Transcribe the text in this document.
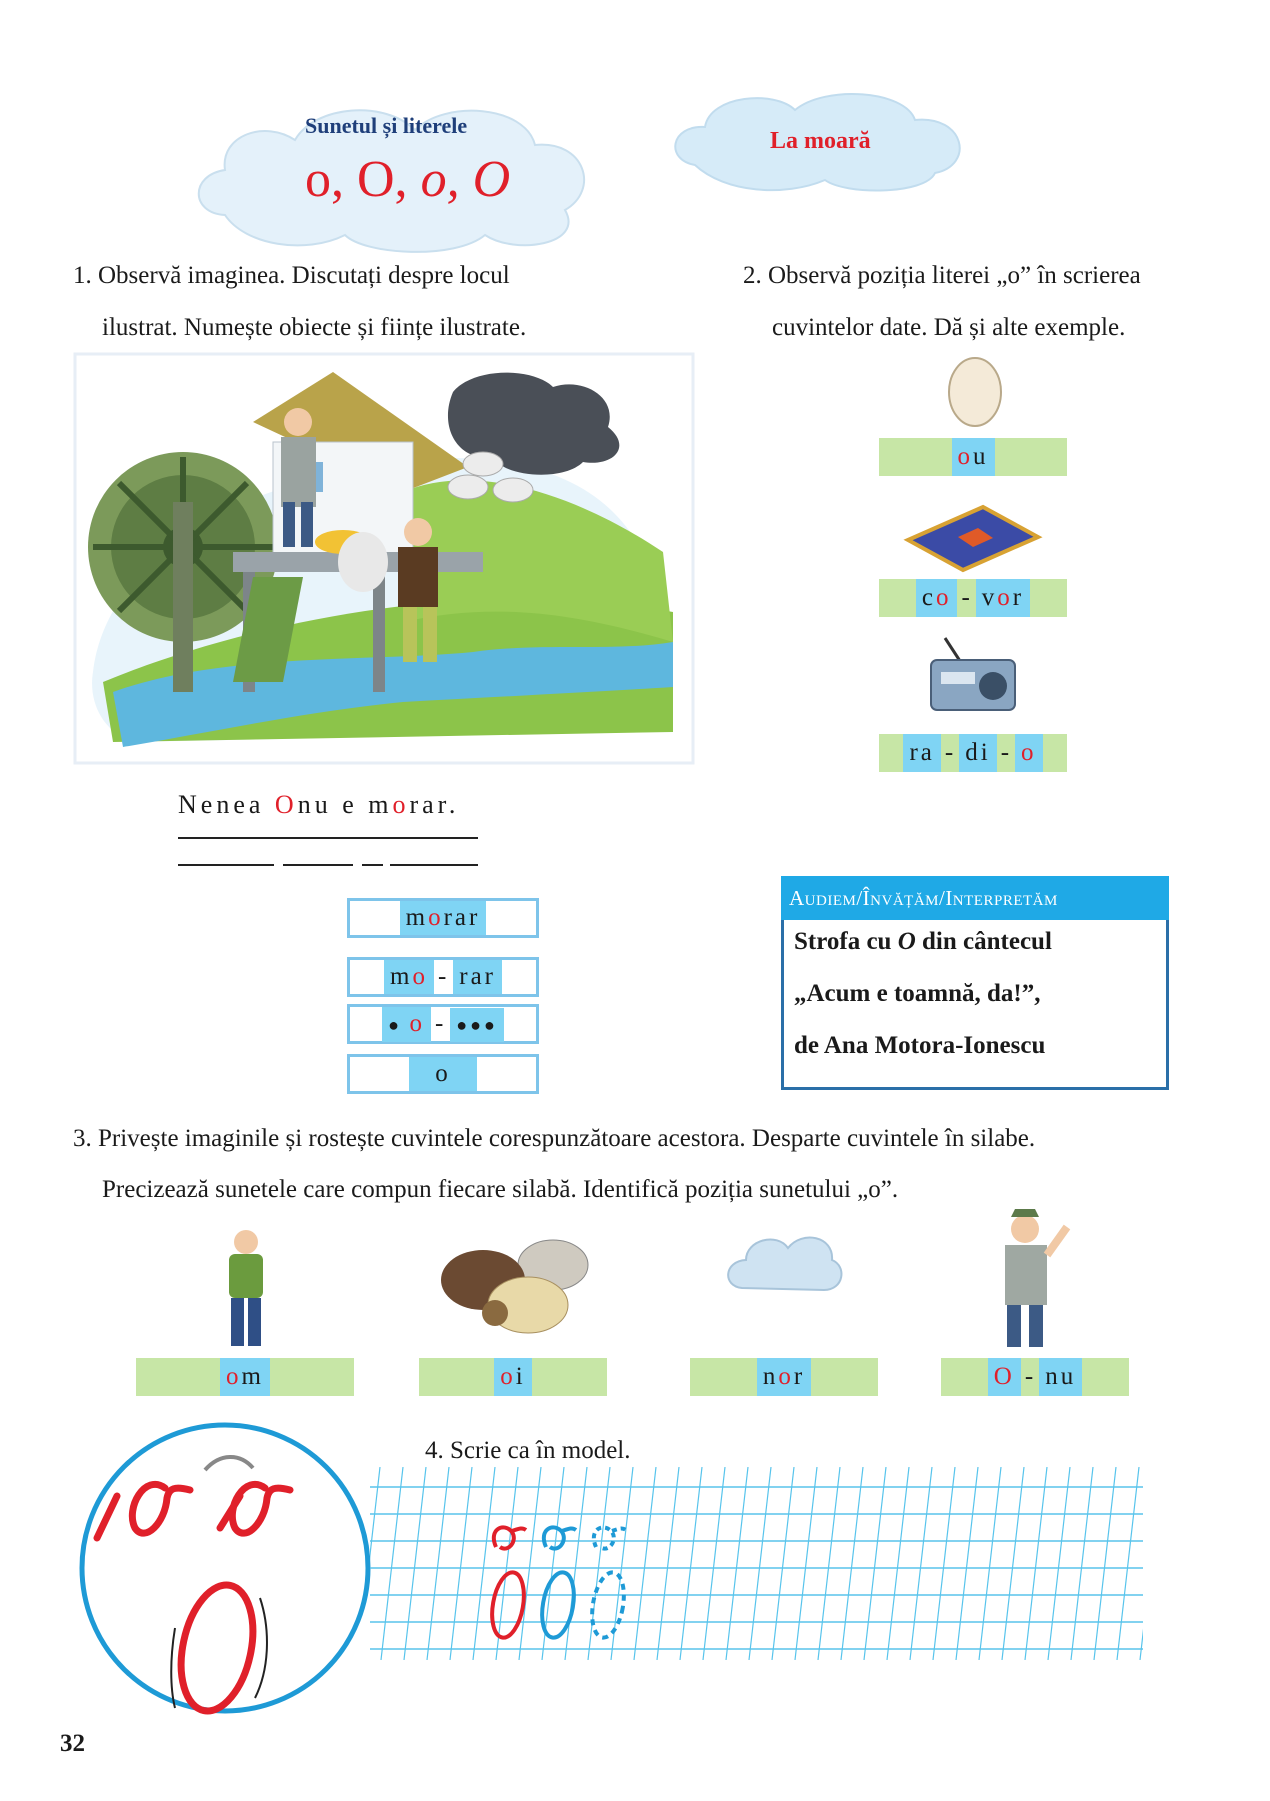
Sunetul și literele
o, O, o, O
La moară
1. Observă imaginea. Discutați despre locul
ilustrat. Numește obiecte și ființe ilustrate.
Nenea Onu e morar.
morar
mo - rar
● o - ●●●
o
2. Observă poziția literei „o” în scrierea
cuvintelor date. Dă și alte exemple.
ou
co - vor
ra - di - o
Audiem/Învățăm/Interpretăm
Strofa cu O din cântecul
„Acum e toamnă, da!”,
de Ana Motora-Ionescu
3. Privește imaginile și rostește cuvintele corespunzătoare acestora. Desparte cuvintele în silabe.
Precizează sunetele care compun fiecare silabă. Identifică poziția sunetului „o”.
om	oi	nor	O - nu
4. Scrie ca în model.
32
